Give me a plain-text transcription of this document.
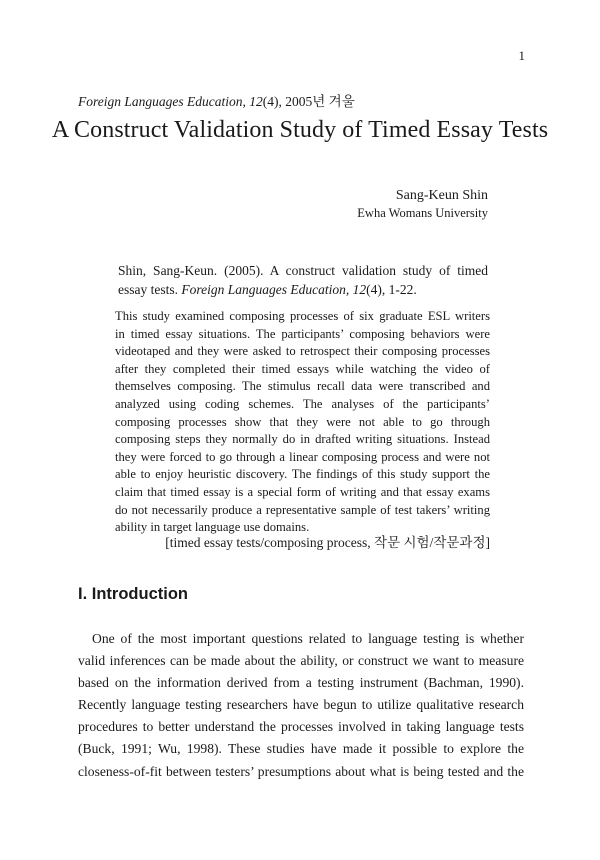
1
Foreign Languages Education, 12(4), 2005년 겨울
A Construct Validation Study of Timed Essay Tests
Sang-Keun Shin
Ewha Womans University
Shin, Sang-Keun. (2005). A construct validation study of timed essay tests. Foreign Languages Education, 12(4), 1-22.
This study examined composing processes of six graduate ESL writers
in timed essay situations. The participants’ composing behaviors were
videotaped and they were asked to retrospect their composing processes
after they completed their timed essays while watching the video of
themselves composing. The stimulus recall data were transcribed and
analyzed using coding schemes. The analyses of the participants’
composing processes show that they were not able to go through
composing steps they normally do in drafted writing situations. Instead
they were forced to go through a linear composing process and were not
able to enjoy heuristic discovery. The findings of this study support the
claim that timed essay is a special form of writing and that essay exams
do not necessarily produce a representative sample of test takers’ writing
ability in target language use domains.
[timed essay tests/composing process, 작문 시험/작문과정]
I. Introduction
One of the most important questions related to language testing is whether
valid inferences can be made about the ability, or construct we want to measure
based on the information derived from a testing instrument (Bachman, 1990).
Recently language testing researchers have begun to utilize qualitative research
procedures to better understand the processes involved in taking language tests
(Buck, 1991; Wu, 1998). These studies have made it possible to explore the
closeness-of-fit between testers’ presumptions about what is being tested and the
